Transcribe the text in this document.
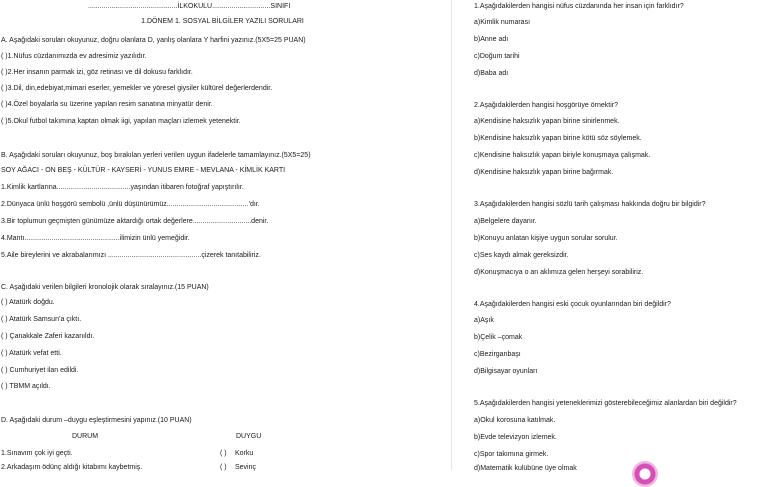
..............................................İLKOKULU..............................SINIFI
1.DÖNEM 1. SOSYAL BİLGİLER YAZILI SORULARI
A. Aşağıdaki soruları okuyunuz, doğru olanlara D, yanlış olanlara Y harfini yazınız.(5X5=25 PUAN)
( )1.Nüfus cüzdanımızda ev adresimiz yazılıdır.
( )2.Her insanın parmak izi, göz retinası ve dil dokusu farklıdır.
( )3.Dil, din,edebiyat,mimari eserler, yemekler ve yöresel giysiler kültürel değerlerdendir.
( )4.Özel boyalarla su üzerine yapılan resim sanatına minyatür denir.
( )5.Okul futbol takımına kaptan olmak iigi, yapılan maçları izlemek yetenektir.
B. Aşağıdaki soruları okuyunuz, boş bırakılan yerleri verilen uygun ifadelerle tamamlayınız.(5X5=25)
SOY AĞACI - ON BEŞ - KÜLTÜR - KAYSERİ - YUNUS EMRE - MEVLANA - KİMLİK KARTI
1.Kimlik kartlarına......................................yaşından itibaren fotoğraf yapıştırılır.
2.Dünyaca ünlü hoşgörü sembolü ,ünlü düşünürümüz..........................................’dır.
3.Bir toplumun geçmişten günümüze aktardığı ortak değerlere..............................denir.
4.Mantı.................................................ilimizin ünlü yemeğidir.
5.Aile bireylerini ve akrabalarımızı ................................................çizerek tanıtabiliriz.
C. Aşağıdaki verilen bilgileri kronolojik olarak sıralayınız.(15 PUAN)
( ) Atatürk doğdu.
( ) Atatürk Samsun’a çıktı.
( ) Çanakkale Zaferi kazanıldı.
( ) Atatürk vefat etti.
( ) Cumhuriyet ilan edildi.
( ) TBMM açıldı.
D. Aşağıdaki durum –duygu eşleştirmesini yapınız.(10 PUAN)
DURUM	DUYGU
1.Sınavım çok iyi geçti.	( ) Korku
2.Arkadaşım ödünç aldığı kitabımı kaybetmiş.	( ) Sevinç
1.Aşağıdakilerden hangisi nüfus cüzdanında her insan için farklıdır?
a)Kimlik numarası
b)Anne adı
c)Doğum tarihi
d)Baba adı
2.Aşağıdakilerden hangisi hoşgörüye örnektir?
a)Kendisine haksızlık yapan birine sinirlenmek.
b)Kendisine haksızlık yapan birine kötü söz söylemek.
c)Kendisine haksızlık yapan biriyle konuşmaya çalışmak.
d)Kendisine haksızlık yapan birine bağırmak.
3.Aşağıdakilerden hangisi sözlü tarih çalışması hakkında doğru bir bilgidir?
a)Belgelere dayanır.
b)Konuyu anlatan kişiye uygun sorular sorulur.
c)Ses kaydı almak gereksizdir.
d)Konuşmacıya o an aklımıza gelen herşeyi sorabiliriz.
4.Aşağıdakilerden hangisi eski çocuk oyunlarından biri değildir?
a)Aşık
b)Çelik –çomak
c)Bezirganbaşı
d)Bilgisayar oyunları
5.Aşağıdakilerden hangisi yeteneklerimizi gösterebileceğimiz alanlardan biri değildir?
a)Okul korosuna katılmak.
b)Evde televizyon izlemek.
c)Spor takımına girmek.
d)Matematik kulübüne üye olmak
